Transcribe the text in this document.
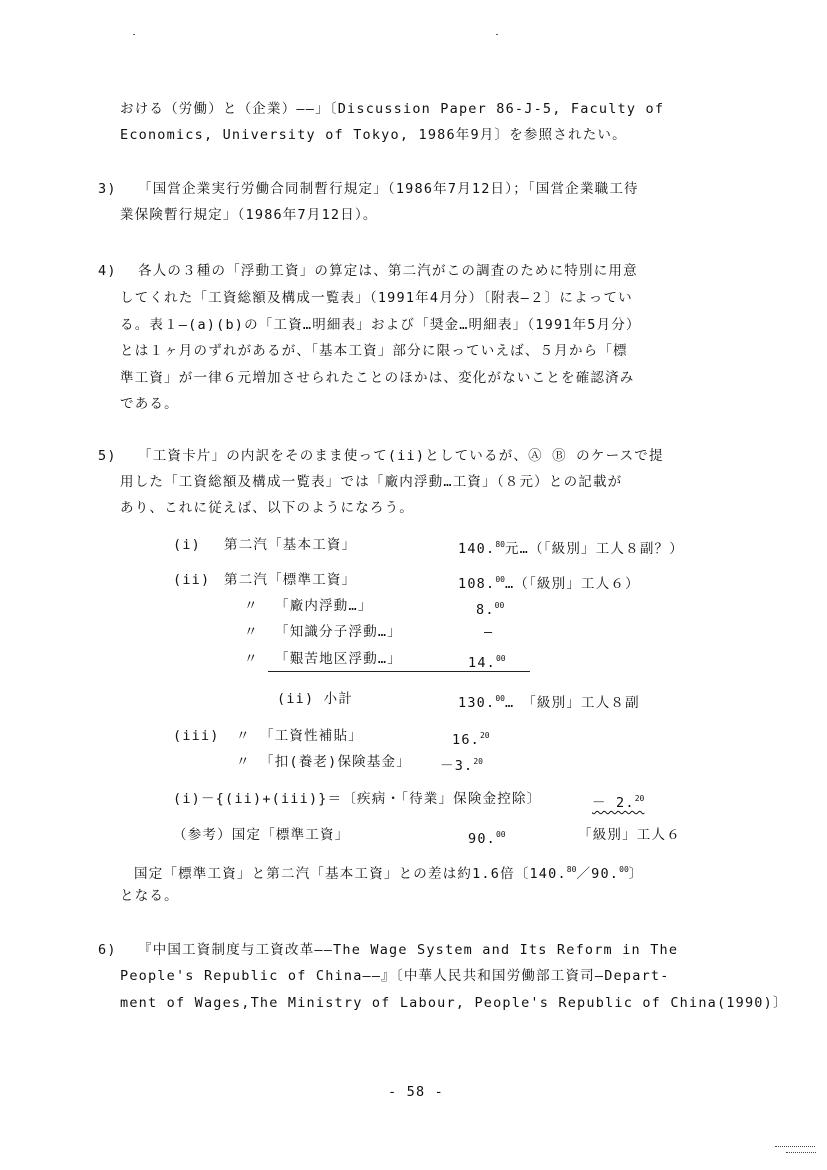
おける（労働）と（企業）――」〔Discussion Paper 86-J-5, Faculty of
Economics, University of Tokyo, 1986年9月〕を参照されたい。
3) 「国営企業実行労働合同制暫行規定」（1986年7月12日）；「国営企業職工待
業保険暫行規定」（1986年7月12日）。
4) 各人の３種の「浮動工資」の算定は、第二汽がこの調査のために特別に用意
してくれた「工資総額及構成一覧表」（1991年4月分）〔附表―２〕によってい
る。表１―(a)(b)の「工資…明細表」および「奨金…明細表」（1991年5月分）
とは１ヶ月のずれがあるが、「基本工資」部分に限っていえば、５月から「標
準工資」が一律６元増加させられたことのほかは、変化がないことを確認済み
である。
5) 「工資卡片」の内訳をそのまま使って(ii)としているが、Ⓐ Ⓑ のケースで提
用した「工資総額及構成一覧表」では「廠内浮動…工資」（８元）との記載が
あり、これに従えば、以下のようになろう。
(i) 第二汽「基本工資」	140.80元…（「級別」工人８副？）
(ii) 第二汽「標準工資」	108.00…（「級別」工人６）
〃 「廠内浮動…」	8.00
〃 「知識分子浮動…」	―
〃 「艱苦地区浮動…」	14.00
(ii) 小計	130.00…　「級別」工人８副
(iii) 〃 「工資性補貼」	16.20
〃 「扣(養老)保険基金」 －3.20
(i)－{(ii)+(iii)}＝〔疾病・「待業」保険金控除〕	－ 2.20
（参考）国定「標準工資」	90.00	「級別」工人６
国定「標準工資」と第二汽「基本工資」との差は約1.6倍〔140.80／90.00〕
となる。
6) 『中国工資制度与工資改革――The Wage System and Its Reform in The
People's Republic of China――』〔中華人民共和国労働部工資司―Depart-
ment of Wages,The Ministry of Labour, People's Republic of China(1990)〕
- 58 -
